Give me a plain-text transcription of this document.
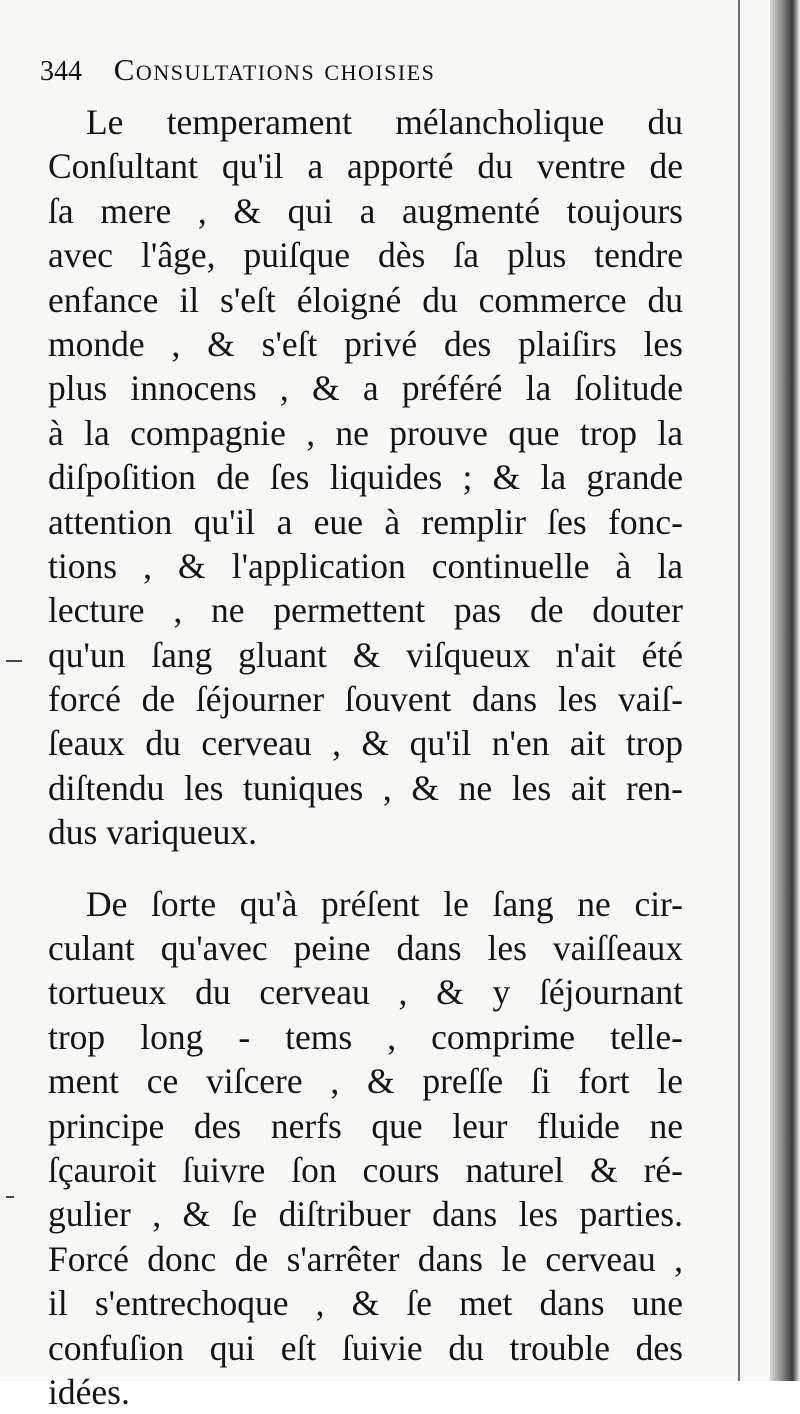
344 Consultations choisies
Le temperament mélancholique du
Conſultant qu'il a apporté du ventre de
ſa mere , & qui a augmenté toujours
avec l'âge, puiſque dès ſa plus tendre
enfance il s'eſt éloigné du commerce du
monde , & s'eſt privé des plaiſirs les
plus innocens , & a préféré la ſolitude
à la compagnie , ne prouve que trop la
diſpoſition de ſes liquides ; & la grande
attention qu'il a eue à remplir ſes fonc-
tions , & l'application continuelle à la
lecture , ne permettent pas de douter
qu'un ſang gluant & viſqueux n'ait été
forcé de ſéjourner ſouvent dans les vaiſ-
ſeaux du cerveau , & qu'il n'en ait trop
diſtendu les tuniques , & ne les ait ren-
dus variqueux.
De ſorte qu'à préſent le ſang ne cir-
culant qu'avec peine dans les vaiſſeaux
tortueux du cerveau , & y ſéjournant
trop long - tems , comprime telle-
ment ce viſcere , & preſſe ſi fort le
principe des nerfs que leur fluide ne
ſçauroit ſuivre ſon cours naturel & ré-
gulier , & ſe diſtribuer dans les parties.
Forcé donc de s'arrêter dans le cerveau ,
il s'entrechoque , & ſe met dans une
confuſion qui eſt ſuivie du trouble des
idées.
